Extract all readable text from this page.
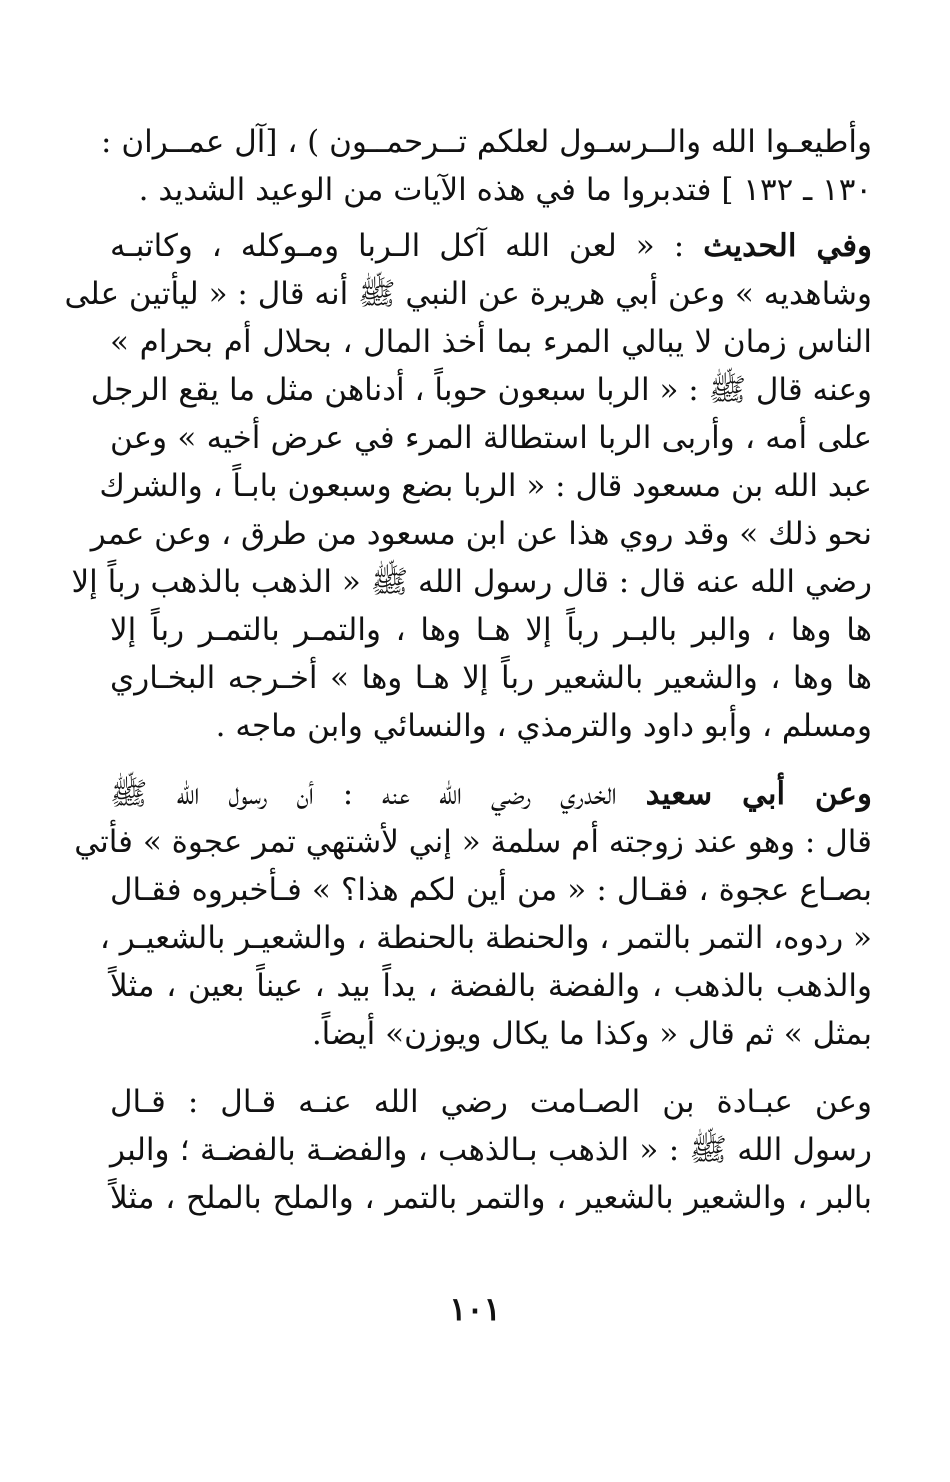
وأطيعـوا الله والــرسـول لعلكم تــرحمــون ) ، [آل عمــران :
١٣٠ ـ ١٣٢ ] فتدبروا ما في هذه الآيات من الوعيد الشديد .
وفي الحديث : « لعن الله آكل الـربا ومـوكله ، وكاتبـه
وشاهديه » وعن أبي هريرة عن النبي ﷺ أنه قال : « ليأتين على
الناس زمان لا يبالي المرء بما أخذ المال ، بحلال أم بحرام »
وعنه قال ﷺ : « الربا سبعون حوباً ، أدناهن مثل ما يقع الرجل
على أمه ، وأربى الربا استطالة المرء في عرض أخيه » وعن
عبد الله بن مسعود قال : « الربا بضع وسبعون بابـاً ، والشرك
نحو ذلك » وقد روي هذا عن ابن مسعود من طرق ، وعن عمر
رضي الله عنه قال : قال رسول الله ﷺ « الذهب بالذهب رباً إلا
ها وها ، والبر بالبـر رباً إلا هـا وها ، والتمـر بالتمـر رباً إلا
ها وها ، والشعير بالشعير رباً إلا هـا وها » أخـرجه البخـاري
ومسلم ، وأبو داود والترمذي ، والنسائي وابن ماجه .
وعن أبي سعيد الخدري رضي الله عنه : أن رسول الله ﷺ
قال : وهو عند زوجته أم سلمة « إني لأشتهي تمر عجوة » فأتي
بصـاع عجوة ، فقـال : « من أين لكم هذا؟ » فـأخبروه فقـال
« ردوه، التمر بالتمر ، والحنطة بالحنطة ، والشعيـر بالشعيـر ،
والذهب بالذهب ، والفضة بالفضة ، يداً بيد ، عيناً بعين ، مثلاً
بمثل » ثم قال « وكذا ما يكال ويوزن» أيضاً.
وعن عبـادة بن الصـامت رضي الله عنـه قـال : قـال
رسول الله ﷺ : « الذهب بـالذهب ، والفضـة بالفضـة ؛ والبر
بالبر ، والشعير بالشعير ، والتمر بالتمر ، والملح بالملح ، مثلاً
١٠١
